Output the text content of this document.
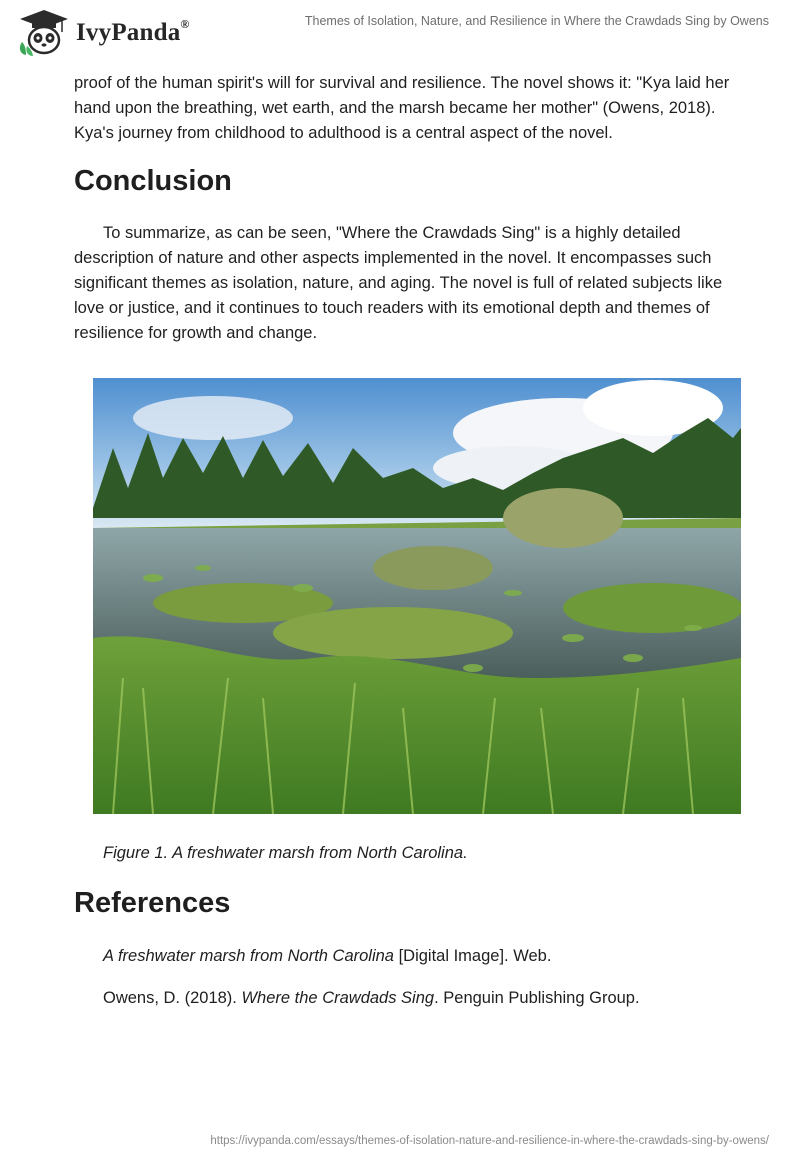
IvyPanda®	Themes of Isolation, Nature, and Resilience in Where the Crawdads Sing by Owens

proof of the human spirit's will for survival and resilience. The novel shows it: "Kya laid her hand upon the breathing, wet earth, and the marsh became her mother" (Owens, 2018). Kya's journey from childhood to adulthood is a central aspect of the novel.

Conclusion

To summarize, as can be seen, "Where the Crawdads Sing" is a highly detailed description of nature and other aspects implemented in the novel. It encompasses such significant themes as isolation, nature, and aging. The novel is full of related subjects like love or justice, and it continues to touch readers with its emotional depth and themes of resilience for growth and change.

Figure 1. A freshwater marsh from North Carolina.

References

A freshwater marsh from North Carolina [Digital Image]. Web.

Owens, D. (2018). Where the Crawdads Sing. Penguin Publishing Group.

https://ivypanda.com/essays/themes-of-isolation-nature-and-resilience-in-where-the-crawdads-sing-by-owens/
